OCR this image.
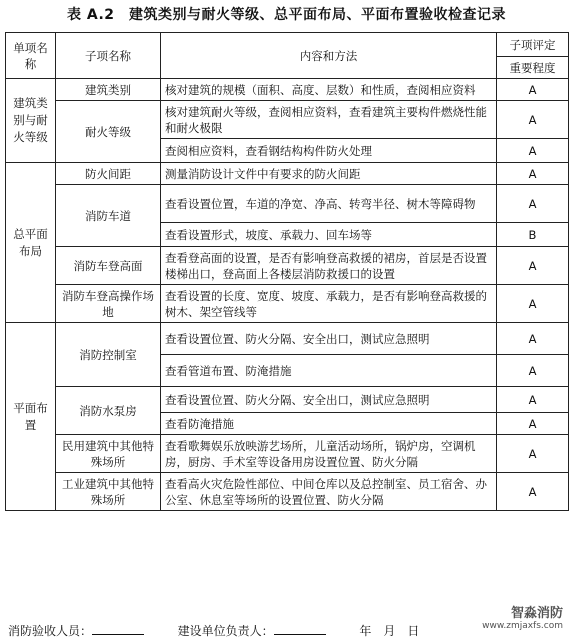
表 A.2　建筑类别与耐火等级、总平面布局、平面布置验收检查记录
单项名称	子项名称	内容和方法	子项评定
			重要程度
建筑类别与耐火等级	建筑类别	核对建筑的规模（面积、高度、层数）和性质，查阅相应资料	A
	耐火等级	核对建筑耐火等级，查阅相应资料，查看建筑主要构件燃烧性能和耐火极限	A
		查阅相应资料，查看钢结构构件防火处理	A
总平面布局	防火间距	测量消防设计文件中有要求的防火间距	A
	消防车道	查看设置位置，车道的净宽、净高、转弯半径、树木等障碍物	A
		查看设置形式，坡度、承载力、回车场等	B
	消防车登高面	查看登高面的设置，是否有影响登高救援的裙房，首层是否设置楼梯出口，登高面上各楼层消防救援口的设置	A
	消防车登高操作场地	查看设置的长度、宽度、坡度、承载力，是否有影响登高救援的树木、架空管线等	A
平面布置	消防控制室	查看设置位置、防火分隔、安全出口，测试应急照明	A
		查看管道布置、防淹措施	A
	消防水泵房	查看设置位置、防火分隔、安全出口，测试应急照明	A
		查看防淹措施	A
	民用建筑中其他特殊场所	查看歌舞娱乐放映游艺场所，儿童活动场所，锅炉房，空调机房，厨房、手术室等设备用房设置位置、防火分隔	A
	工业建筑中其他特殊场所	查看高火灾危险性部位、中间仓库以及总控制室、员工宿舍、办公室、休息室等场所的设置位置、防火分隔	A
消防验收人员：	建设单位负责人：	年　月　日
智淼消防
www.zmjaxfs.com
